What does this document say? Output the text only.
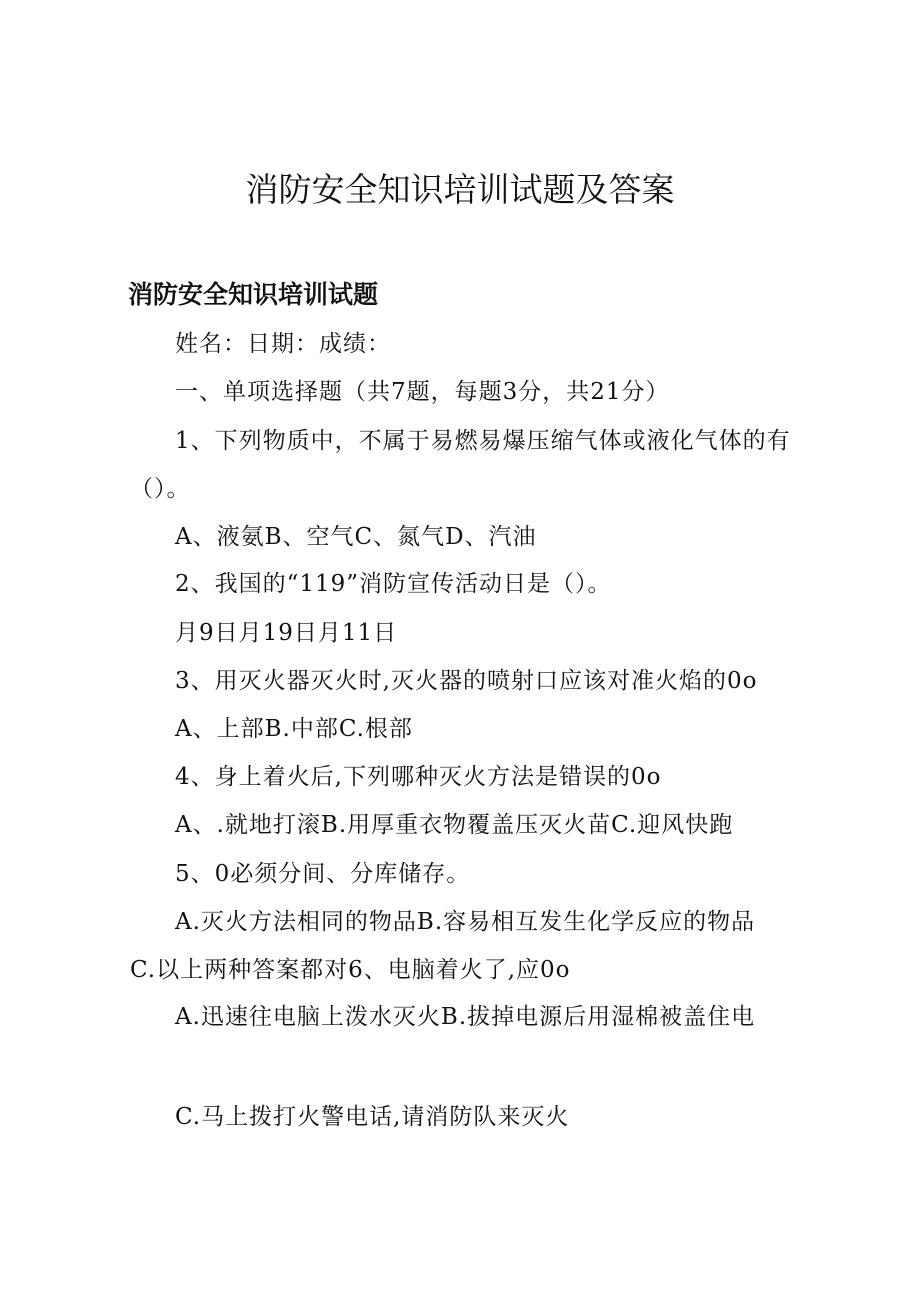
消防安全知识培训试题及答案
消防安全知识培训试题
姓名：日期：成绩：
一、单项选择题（共7题，每题3分，共21分）
1、下列物质中，不属于易燃易爆压缩气体或液化气体的有
（）。
A、液氨B、空气C、氮气D、汽油
2、我国的“119”消防宣传活动日是（）。
月9日月19日月11日
3、用灭火器灭火时,灭火器的喷射口应该对准火焰的0o
A、上部B.中部C.根部
4、身上着火后,下列哪种灭火方法是错误的0o
A、.就地打滚B.用厚重衣物覆盖压灭火苗C.迎风快跑
5、0必须分间、分库储存。
A.灭火方法相同的物品B.容易相互发生化学反应的物品
C.以上两种答案都对6、电脑着火了,应0o
A.迅速往电脑上泼水灭火B.拔掉电源后用湿棉被盖住电
C.马上拨打火警电话,请消防队来灭火
